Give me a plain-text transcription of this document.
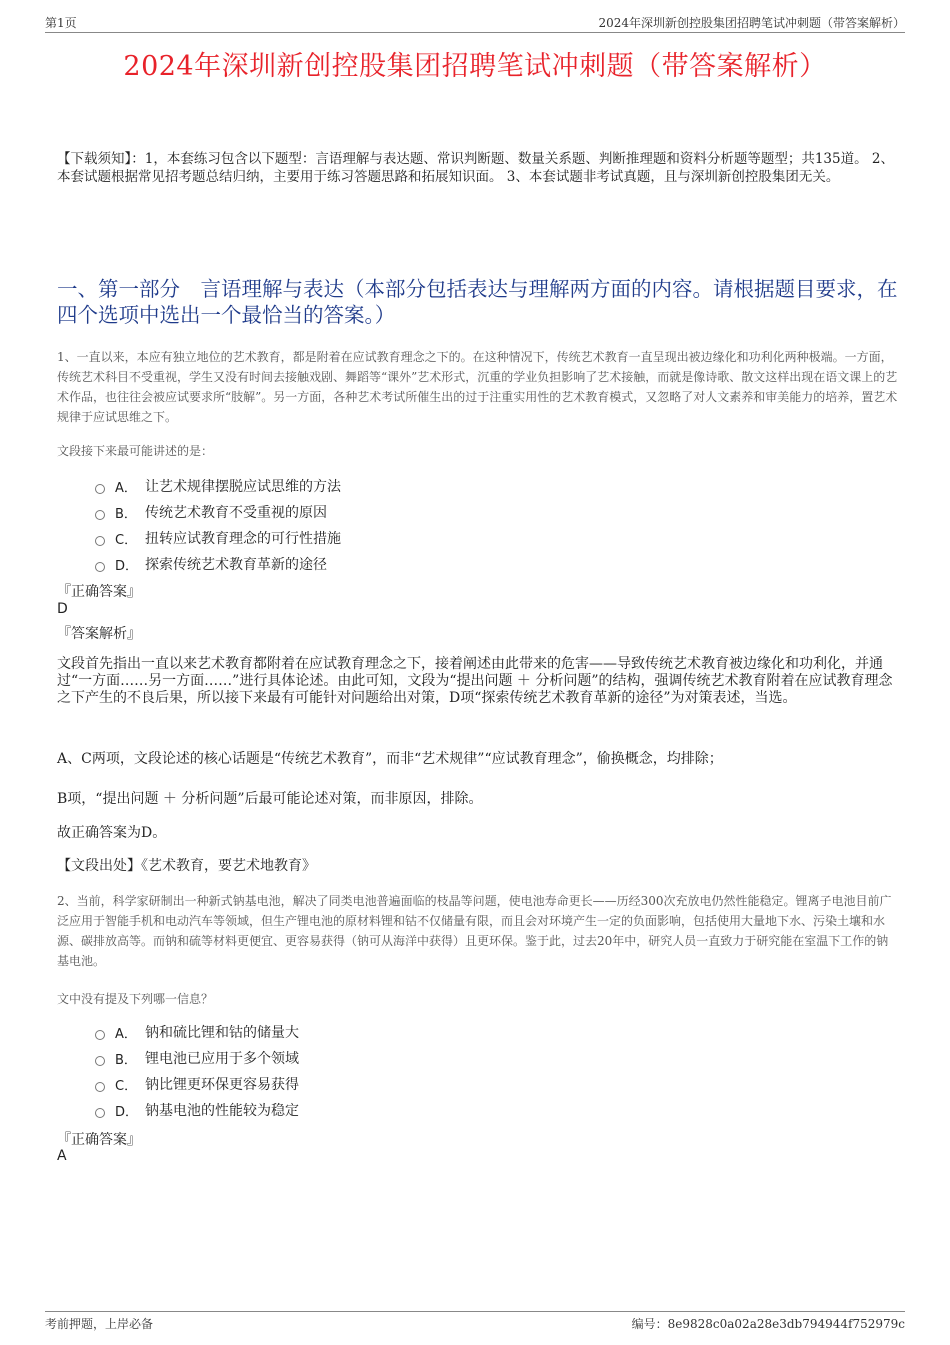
第1页	2024年深圳新创控股集团招聘笔试冲刺题（带答案解析）
2024年深圳新创控股集团招聘笔试冲刺题（带答案解析）
【下载须知】：1，本套练习包含以下题型：言语理解与表达题、常识判断题、数量关系题、判断推理题和资料分析题等题型；共135道。 2、本套试题根据常见招考题总结归纳，主要用于练习答题思路和拓展知识面。 3、本套试题非考试真题，且与深圳新创控股集团无关。
一、第一部分　言语理解与表达（本部分包括表达与理解两方面的内容。请根据题目要求，在四个选项中选出一个最恰当的答案。）
1、一直以来，本应有独立地位的艺术教育，都是附着在应试教育理念之下的。在这种情况下，传统艺术教育一直呈现出被边缘化和功利化两种极端。一方面，传统艺术科目不受重视，学生又没有时间去接触戏剧、舞蹈等“课外”艺术形式，沉重的学业负担影响了艺术接触，而就是像诗歌、散文这样出现在语文课上的艺术作品，也往往会被应试要求所“肢解”。另一方面，各种艺术考试所催生出的过于注重实用性的艺术教育模式，又忽略了对人文素养和审美能力的培养，置艺术规律于应试思维之下。
文段接下来最可能讲述的是：
A． 让艺术规律摆脱应试思维的方法
B． 传统艺术教育不受重视的原因
C． 扭转应试教育理念的可行性措施
D． 探索传统艺术教育革新的途径
『正确答案』
D
『答案解析』
文段首先指出一直以来艺术教育都附着在应试教育理念之下，接着阐述由此带来的危害——导致传统艺术教育被边缘化和功利化，并通过“一方面……另一方面……”进行具体论述。由此可知，文段为“提出问题 ＋ 分析问题”的结构，强调传统艺术教育附着在应试教育理念之下产生的不良后果，所以接下来最有可能针对问题给出对策，D项“探索传统艺术教育革新的途径”为对策表述，当选。
A、C两项，文段论述的核心话题是“传统艺术教育”，而非“艺术规律”“应试教育理念”，偷换概念，均排除；
B项，“提出问题 ＋ 分析问题”后最可能论述对策，而非原因，排除。
故正确答案为D。
【文段出处】《艺术教育，要艺术地教育》
2、当前，科学家研制出一种新式钠基电池，解决了同类电池普遍面临的枝晶等问题，使电池寿命更长——历经300次充放电仍然性能稳定。锂离子电池目前广泛应用于智能手机和电动汽车等领域，但生产锂电池的原材料锂和钴不仅储量有限，而且会对环境产生一定的负面影响，包括使用大量地下水、污染土壤和水源、碳排放高等。而钠和硫等材料更便宜、更容易获得（钠可从海洋中获得）且更环保。鉴于此，过去20年中，研究人员一直致力于研究能在室温下工作的钠基电池。
文中没有提及下列哪一信息？
A． 钠和硫比锂和钴的储量大
B． 锂电池已应用于多个领域
C． 钠比锂更环保更容易获得
D． 钠基电池的性能较为稳定
『正确答案』
A
考前押题，上岸必备	编号：8e9828c0a02a28e3db794944f752979c
